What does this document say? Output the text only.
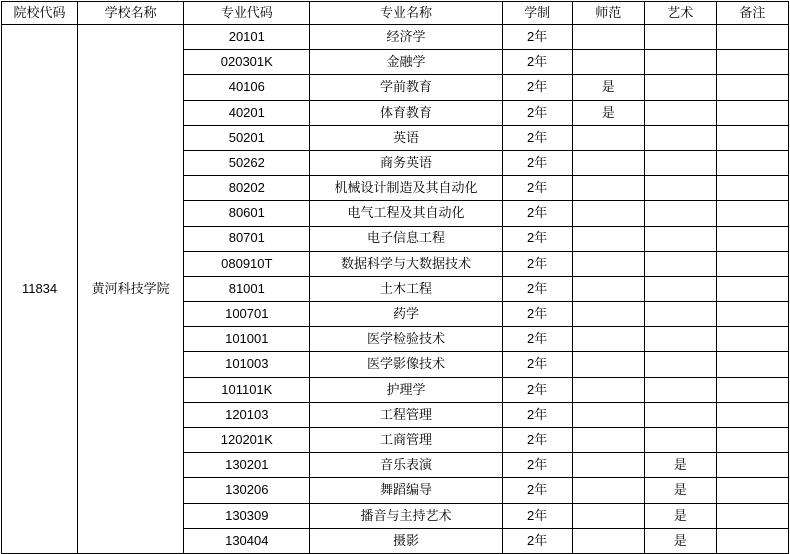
院校代码	学校名称	专业代码	专业名称	学制	师范	艺术	备注
11834	黄河科技学院	20101	经济学	2年			
		020301K	金融学	2年			
		40106	学前教育	2年	是		
		40201	体育教育	2年	是		
		50201	英语	2年			
		50262	商务英语	2年			
		80202	机械设计制造及其自动化	2年			
		80601	电气工程及其自动化	2年			
		80701	电子信息工程	2年			
		080910T	数据科学与大数据技术	2年			
		81001	土木工程	2年			
		100701	药学	2年			
		101001	医学检验技术	2年			
		101003	医学影像技术	2年			
		101101K	护理学	2年			
		120103	工程管理	2年			
		120201K	工商管理	2年			
		130201	音乐表演	2年		是	
		130206	舞蹈编导	2年		是	
		130309	播音与主持艺术	2年		是	
		130404	摄影	2年		是	
